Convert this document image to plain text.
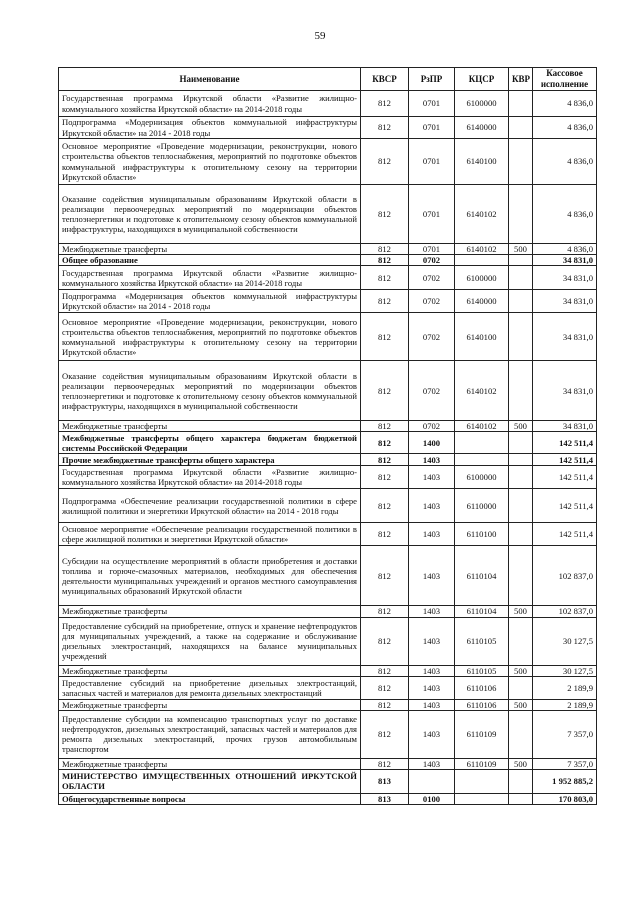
59
Наименование	КВСР	РзПР	КЦСР	КВР	Кассовое исполнение
Государственная программа Иркутской области «Развитие жилищно-коммунального хозяйства Иркутской области» на 2014-2018 годы	812	0701	6100000		4 836,0
Подпрограмма «Модернизация объектов коммунальной инфраструктуры Иркутской области» на 2014 - 2018 годы	812	0701	6140000		4 836,0
Основное мероприятие «Проведение модернизации, реконструкции, нового строительства объектов теплоснабжения, мероприятий по подготовке объектов коммунальной инфраструктуры к отопительному сезону на территории Иркутской области»	812	0701	6140100		4 836,0
Оказание содействия муниципальным образованиям Иркутской области в реализации первоочередных мероприятий по модернизации объектов теплоэнергетики и подготовке к отопительному сезону объектов коммунальной инфраструктуры, находящихся в муниципальной собственности	812	0701	6140102		4 836,0
Межбюджетные трансферты	812	0701	6140102	500	4 836,0
Общее образование	812	0702			34 831,0
Государственная программа Иркутской области «Развитие жилищно-коммунального хозяйства Иркутской области» на 2014-2018 годы	812	0702	6100000		34 831,0
Подпрограмма «Модернизация объектов коммунальной инфраструктуры Иркутской области» на 2014 - 2018 годы	812	0702	6140000		34 831,0
Основное мероприятие «Проведение модернизации, реконструкции, нового строительства объектов теплоснабжения, мероприятий по подготовке объектов коммунальной инфраструктуры к отопительному сезону на территории Иркутской области»	812	0702	6140100		34 831,0
Оказание содействия муниципальным образованиям Иркутской области в реализации первоочередных мероприятий по модернизации объектов теплоэнергетики и подготовке к отопительному сезону объектов коммунальной инфраструктуры, находящихся в муниципальной собственности	812	0702	6140102		34 831,0
Межбюджетные трансферты	812	0702	6140102	500	34 831,0
Межбюджетные трансферты общего характера бюджетам бюджетной системы Российской Федерации	812	1400			142 511,4
Прочие межбюджетные трансферты общего характера	812	1403			142 511,4
Государственная программа Иркутской области «Развитие жилищно-коммунального хозяйства Иркутской области» на 2014-2018 годы	812	1403	6100000		142 511,4
Подпрограмма «Обеспечение реализации государственной политики в сфере жилищной политики и энергетики Иркутской области» на 2014 - 2018 годы	812	1403	6110000		142 511,4
Основное мероприятие «Обеспечение реализации государственной политики в сфере жилищной политики и энергетики Иркутской области»	812	1403	6110100		142 511,4
Субсидии на осуществление мероприятий в области приобретения и доставки топлива и горюче-смазочных материалов, необходимых для обеспечения деятельности муниципальных учреждений и органов местного самоуправления муниципальных образований Иркутской области	812	1403	6110104		102 837,0
Межбюджетные трансферты	812	1403	6110104	500	102 837,0
Предоставление субсидий на приобретение, отпуск и хранение нефтепродуктов для муниципальных учреждений, а также на содержание и обслуживание дизельных электростанций, находящихся на балансе муниципальных учреждений	812	1403	6110105		30 127,5
Межбюджетные трансферты	812	1403	6110105	500	30 127,5
Предоставление субсидий на приобретение дизельных электростанций, запасных частей и материалов для ремонта дизельных электростанций	812	1403	6110106		2 189,9
Межбюджетные трансферты	812	1403	6110106	500	2 189,9
Предоставление субсидии на компенсацию транспортных услуг по доставке нефтепродуктов, дизельных электростанций, запасных частей и материалов для ремонта дизельных электростанций, прочих грузов автомобильным транспортом	812	1403	6110109		7 357,0
Межбюджетные трансферты	812	1403	6110109	500	7 357,0
МИНИСТЕРСТВО ИМУЩЕСТВЕННЫХ ОТНОШЕНИЙ ИРКУТСКОЙ ОБЛАСТИ	813				1 952 885,2
Общегосударственные вопросы	813	0100			170 803,0
